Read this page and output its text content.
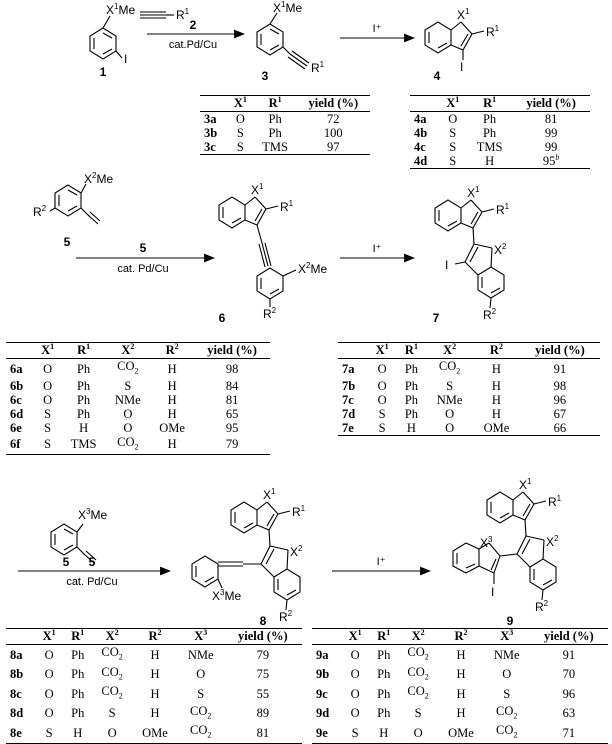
$X^1Me$
I
$R^1$	$X^1Me$
$R^1$
$X^1$
$R^1$
I
$X^2Me$
$R^2$
$X^1$
$R^1$
$X^2Me$
$R^2$
$X^1$
$R^1$
$X^2$
I
$R^2$
$X^3Me$
$X^1$
$R^1$
$X^2$
$R^2$
$X^3Me$
$X^1$
$R^1$
$X^2$
$R^2$
$X^3$
I
2
cat.Pd/Cu
I⁺
5
cat. Pd/Cu
I⁺
5
cat. Pd/Cu
I⁺
1	3	4
5
6	7
5
8	9
	$X^1$	$R^1$	yield (%)
3a	O	Ph	72
3b	S	Ph	100
3c	S	TMS	97
	$X^1$	$R^1$	yield (%)
4a	O	Ph	81
4b	S	Ph	99
4c	S	TMS	99
4d	S	H	95$^b$
	$X^1$	$R^1$	$X^2$	$R^2$	yield (%)
6a	O	Ph	$CO_2$	H	98
6b	O	Ph	S	H	84
6c	O	Ph	NMe	H	81
6d	S	Ph	O	H	65
6e	S	H	O	OMe	95
6f	S	TMS	$CO_2$	H	79
	$X^1$	$R^1$	$X^2$	$R^2$	yield (%)
7a	O	Ph	$CO_2$	H	91
7b	O	Ph	S	H	98
7c	O	Ph	NMe	H	96
7d	S	Ph	O	H	67
7e	S	H	O	OMe	66
	$X^1$	$R^1$	$X^2$	$R^2$	$X^3$	yield (%)
8a	O	Ph	$CO_2$	H	NMe	79
8b	O	Ph	$CO_2$	H	O	75
8c	O	Ph	$CO_2$	H	S	55
8d	O	Ph	S	H	$CO_2$	89
8e	S	H	O	OMe	$CO_2$	81
	$X^1$	$R^1$	$X^2$	$R^2$	$X^3$	yield (%)
9a	O	Ph	$CO_2$	H	NMe	91
9b	O	Ph	$CO_2$	H	O	70
9c	O	Ph	$CO_2$	H	S	96
9d	O	Ph	S	H	$CO_2$	63
9e	S	H	O	OMe	$CO_2$	71
